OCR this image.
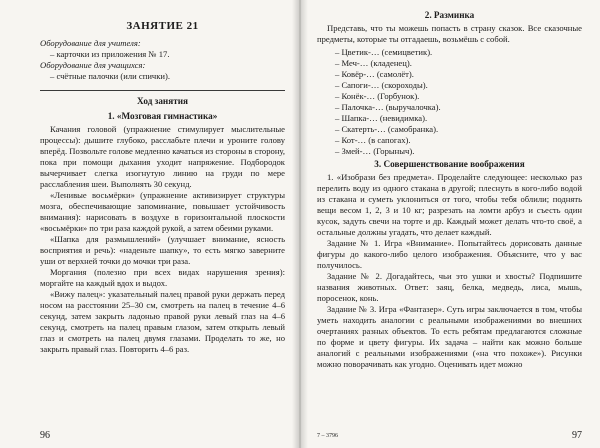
ЗАНЯТИЕ 21

Оборудование для учителя:

– карточки из приложения № 17.

Оборудование для учащихся:

– счётные палочки (или спички).

Ход занятия
1. «Мозговая гимнастика»

Качания головой (упражнение стимулирует мыслительные процессы): дышите глубоко, расслабьте плечи и уроните голову вперёд. Позвольте голове медленно качаться из стороны в сторону, пока при помощи дыхания уходит напряжение. Подбородок вычерчивает слегка изогнутую линию на груди по мере расслабления шеи. Выполнять 30 секунд.

«Ленивые восьмёрки» (упражнение активизирует структуры мозга, обеспечивающие запоминание, повышает устойчивость внимания): нарисовать в воздухе в горизонтальной плоскости «восьмёрки» по три раза каждой рукой, а затем обеими руками.

«Шапка для размышлений» (улучшает внимание, ясность восприятия и речь): «наденьте шапку», то есть мягко заверните уши от верхней точки до мочки три раза.

Моргания (полезно при всех видах нарушения зрения): моргайте на каждый вдох и выдох.

«Вижу палец»: указательный палец правой руки держать перед носом на расстоянии 25–30 см, смотреть на палец в течение 4–6 секунд, затем закрыть ладонью правой руки левый глаз на 4–6 секунд, смотреть на палец правым глазом, затем открыть левый глаз и смотреть на палец двумя глазами. Проделать то же, но закрыть правый глаз. Повторить 4–6 раз.

96
2. Разминка

Представь, что ты можешь попасть в страну сказок. Все сказочные предметы, которые ты отгадаешь, возьмёшь с собой.

– Цветик-… (семицветик).
– Меч-… (кладенец).
– Ковёр-… (самолёт).
– Сапоги-… (скороходы).
– Конёк-… (Горбунок).
– Палочка-… (выручалочка).
– Шапка-… (невидимка).
– Скатерть-… (самобранка).
– Кот-… (в сапогах).
– Змей-… (Горыныч).
3. Совершенствование воображения

1. «Изобрази без предмета». Проделайте следующее: несколько раз перелить воду из одного стакана в другой; плеснуть в кого-либо водой из стакана и суметь уклониться от того, чтобы тебя облили; поднять вещи весом 1, 2, 3 и 10 кг; разрезать на ломти арбуз и съесть один кусок, задуть свечи на торте и др. Каждый может делать что-то своё, а остальные должны угадать, что делает каждый.

Задание № 1. Игра «Внимание». Попытайтесь дорисовать данные фигуры до какого-либо целого изображения. Объясните, что у вас получилось.

Задание № 2. Догадайтесь, чьи это ушки и хвосты? Подпишите названия животных. Ответ: заяц, белка, медведь, лиса, мышь, поросенок, конь.

Задание № 3. Игра «Фантазер». Суть игры заключается в том, чтобы уметь находить аналогии с реальными изображениями во внешних очертаниях разных объектов. То есть ребятам предлагаются сложные по форме и цвету фигуры. Их задача – найти как можно больше аналогий с реальными изображениями («на что похоже»). Рисунки можно поворачивать как угодно. Оценивать идет можно

7 – 3796	97
